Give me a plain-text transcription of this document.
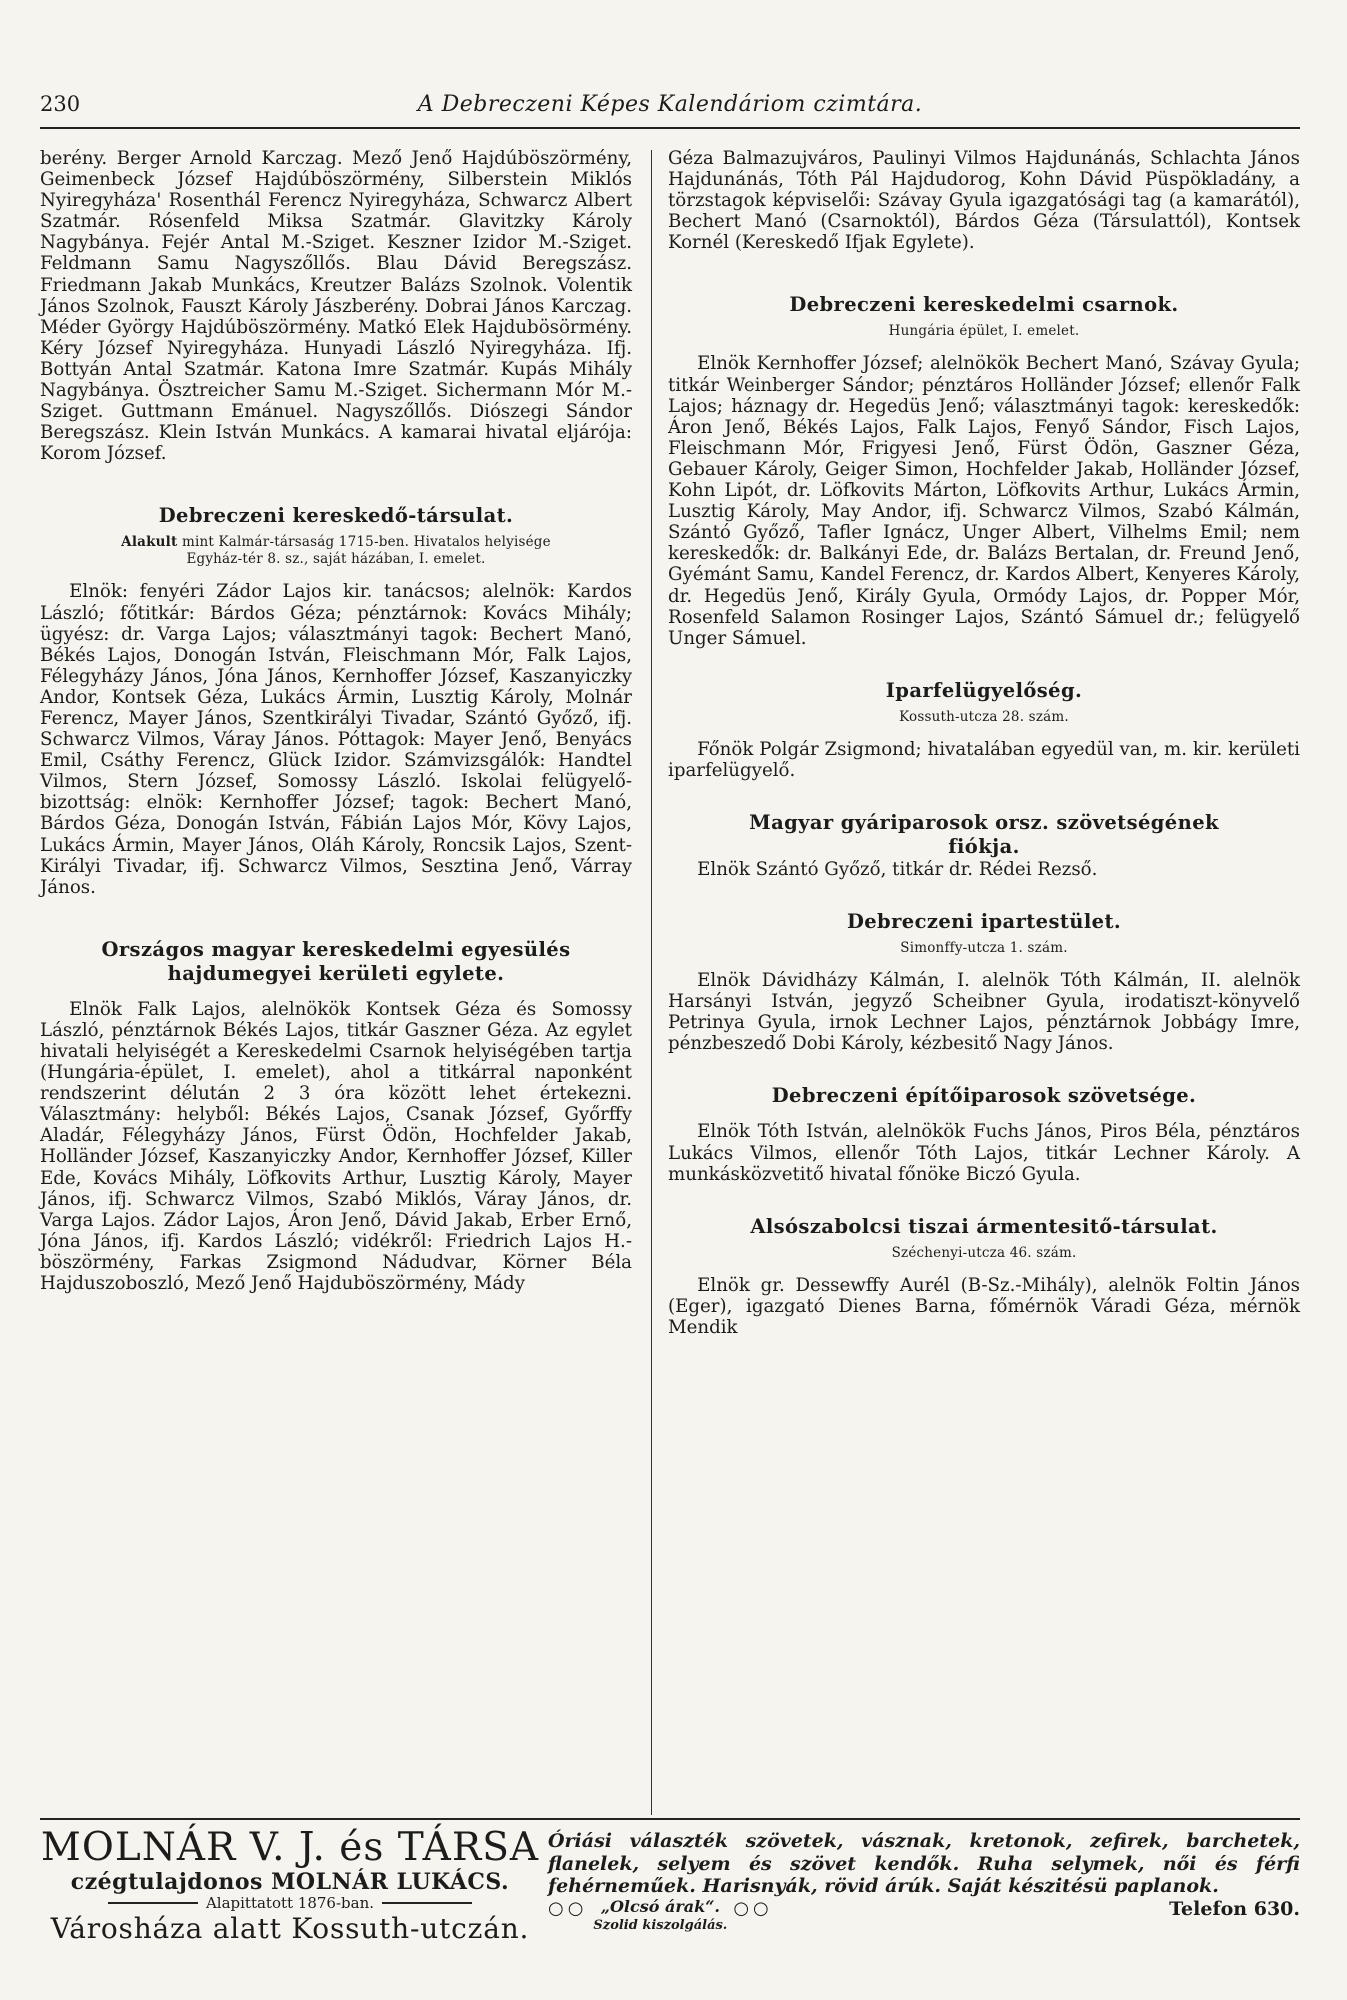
230	A Debreczeni Képes Kalendáriom czimtára.

berény. Berger Arnold Karczag. Mező Jenő Hajdúböszörmény, Geimenbeck József Hajdúböszörmény, Silberstein Miklós Nyiregyháza' Rosenthál Ferencz Nyiregyháza, Schwarcz Albert Szatmár. Rósenfeld Miksa Szatmár. Glavitzky Károly Nagybánya. Fejér Antal M.-Sziget. Keszner Izidor M.-Sziget. Feldmann Samu Nagyszőllős. Blau Dávid Beregszász. Friedmann Jakab Munkács, Kreutzer Balázs Szolnok. Volentik János Szolnok, Fauszt Károly Jászberény. Dobrai János Karczag. Méder György Hajdúböszörmény. Matkó Elek Hajdubösörmény. Kéry József Nyiregyháza. Hunyadi László Nyiregyháza. Ifj. Bottyán Antal Szatmár. Katona Imre Szatmár. Kupás Mihály Nagybánya. Ösztreicher Samu M.-Sziget. Sichermann Mór M.-Sziget. Guttmann Emánuel. Nagyszőllős. Diószegi Sándor Beregszász. Klein István Munkács. A kamarai hivatal eljárója: Korom József.

Debreczeni kereskedő-társulat.
Alakult mint Kalmár-társaság 1715-ben. Hivatalos helyisége
Egyház-tér 8. sz., saját házában, I. emelet.

Elnök: fenyéri Zádor Lajos kir. tanácsos; alelnök: Kardos László; főtitkár: Bárdos Géza; pénztárnok: Kovács Mihály; ügyész: dr. Varga Lajos; választmányi tagok: Bechert Manó, Békés Lajos, Donogán István, Fleischmann Mór, Falk Lajos, Félegyházy János, Jóna János, Kernhoffer József, Kaszanyiczky Andor, Kontsek Géza, Lukács Ármin, Lusztig Károly, Molnár Ferencz, Mayer János, Szentkirályi Tivadar, Szántó Győző, ifj. Schwarcz Vilmos, Váray János. Póttagok: Mayer Jenő, Benyács Emil, Csáthy Ferencz, Glück Izidor. Számvizsgálók: Handtel Vilmos, Stern József, Somossy László. Iskolai felügyelő-bizottság: elnök: Kernhoffer József; tagok: Bechert Manó, Bárdos Géza, Donogán István, Fábián Lajos Mór, Kövy Lajos, Lukács Ármin, Mayer János, Oláh Károly, Roncsik Lajos, Szent-Királyi Tivadar, ifj. Schwarcz Vilmos, Sesztina Jenő, Várray János.

Országos magyar kereskedelmi egyesülés
hajdumegyei kerületi egylete.

Elnök Falk Lajos, alelnökök Kontsek Géza és Somossy László, pénztárnok Békés Lajos, titkár Gaszner Géza. Az egylet hivatali helyiségét a Kereskedelmi Csarnok helyiségében tartja (Hungária-épület, I. emelet), ahol a titkárral naponként rendszerint délután 2 3 óra között lehet értekezni. Választmány: helyből: Békés Lajos, Csanak József, Győrffy Aladár, Félegyházy János, Fürst Ödön, Hochfelder Jakab, Holländer József, Kaszanyiczky Andor, Kernhoffer József, Killer Ede, Kovács Mihály, Löfkovits Arthur, Lusztig Károly, Mayer János, ifj. Schwarcz Vilmos, Szabó Miklós, Váray János, dr. Varga Lajos. Zádor Lajos, Áron Jenő, Dávid Jakab, Erber Ernő, Jóna János, ifj. Kardos László; vidékről: Friedrich Lajos H.-böszörmény, Farkas Zsigmond Nádudvar, Körner Béla Hajduszoboszló, Mező Jenő Hajduböszörmény, Mády

Géza Balmazujváros, Paulinyi Vilmos Hajdunánás, Schlachta János Hajdunánás, Tóth Pál Hajdudorog, Kohn Dávid Püspökladány, a törzstagok képviselői: Szávay Gyula igazgatósági tag (a kamarától), Bechert Manó (Csarnoktól), Bárdos Géza (Társulattól), Kontsek Kornél (Kereskedő Ifjak Egylete).

Debreczeni kereskedelmi csarnok.
Hungária épület, I. emelet.

Elnök Kernhoffer József; alelnökök Bechert Manó, Szávay Gyula; titkár Weinberger Sándor; pénztáros Holländer József; ellenőr Falk Lajos; háznagy dr. Hegedüs Jenő; választmányi tagok: kereskedők: Áron Jenő, Békés Lajos, Falk Lajos, Fenyő Sándor, Fisch Lajos, Fleischmann Mór, Frigyesi Jenő, Fürst Ödön, Gaszner Géza, Gebauer Károly, Geiger Simon, Hochfelder Jakab, Holländer József, Kohn Lipót, dr. Löfkovits Márton, Löfkovits Arthur, Lukács Ármin, Lusztig Károly, May Andor, ifj. Schwarcz Vilmos, Szabó Kálmán, Szántó Győző, Tafler Ignácz, Unger Albert, Vilhelms Emil; nem kereskedők: dr. Balkányi Ede, dr. Balázs Bertalan, dr. Freund Jenő, Gyémánt Samu, Kandel Ferencz, dr. Kardos Albert, Kenyeres Károly, dr. Hegedüs Jenő, Király Gyula, Ormódy Lajos, dr. Popper Mór, Rosenfeld Salamon Rosinger Lajos, Szántó Sámuel dr.; felügyelő Unger Sámuel.

Iparfelügyelőség.
Kossuth-utcza 28. szám.

Főnök Polgár Zsigmond; hivatalában egyedül van, m. kir. kerületi iparfelügyelő.

Magyar gyáriparosok orsz. szövetségének
fiókja.

Elnök Szántó Győző, titkár dr. Rédei Rezső.

Debreczeni ipartestület.
Simonffy-utcza 1. szám.

Elnök Dávidházy Kálmán, I. alelnök Tóth Kálmán, II. alelnök Harsányi István, jegyző Scheibner Gyula, irodatiszt-könyvelő Petrinya Gyula, irnok Lechner Lajos, pénztárnok Jobbágy Imre, pénzbeszedő Dobi Károly, kézbesitő Nagy János.

Debreczeni építőiparosok szövetsége.

Elnök Tóth István, alelnökök Fuchs János, Piros Béla, pénztáros Lukács Vilmos, ellenőr Tóth Lajos, titkár Lechner Károly. A munkásközvetitő hivatal főnöke Biczó Gyula.

Alsószabolcsi tiszai ármentesitő-társulat.
Széchenyi-utcza 46. szám.

Elnök gr. Dessewffy Aurél (B-Sz.-Mihály), alelnök Foltin János (Eger), igazgató Dienes Barna, főmérnök Váradi Géza, mérnök Mendik

MOLNÁR V. J. és TÁRSA
czégtulajdonos MOLNÁR LUKÁCS.
Alapittatott 1876-ban.
Városháza alatt Kossuth-utczán.
Óriási választék szövetek, vásznak, kretonok, zefirek, barchetek, flanelek, selyem és szövet kendők. Ruha selymek, női és férfi fehérneműek. Harisnyák, rövid árúk. Saját készitésü paplanok.
○○ „Olcsó árak“.
Szolid kiszolgálás.
○○	Telefon 630.
